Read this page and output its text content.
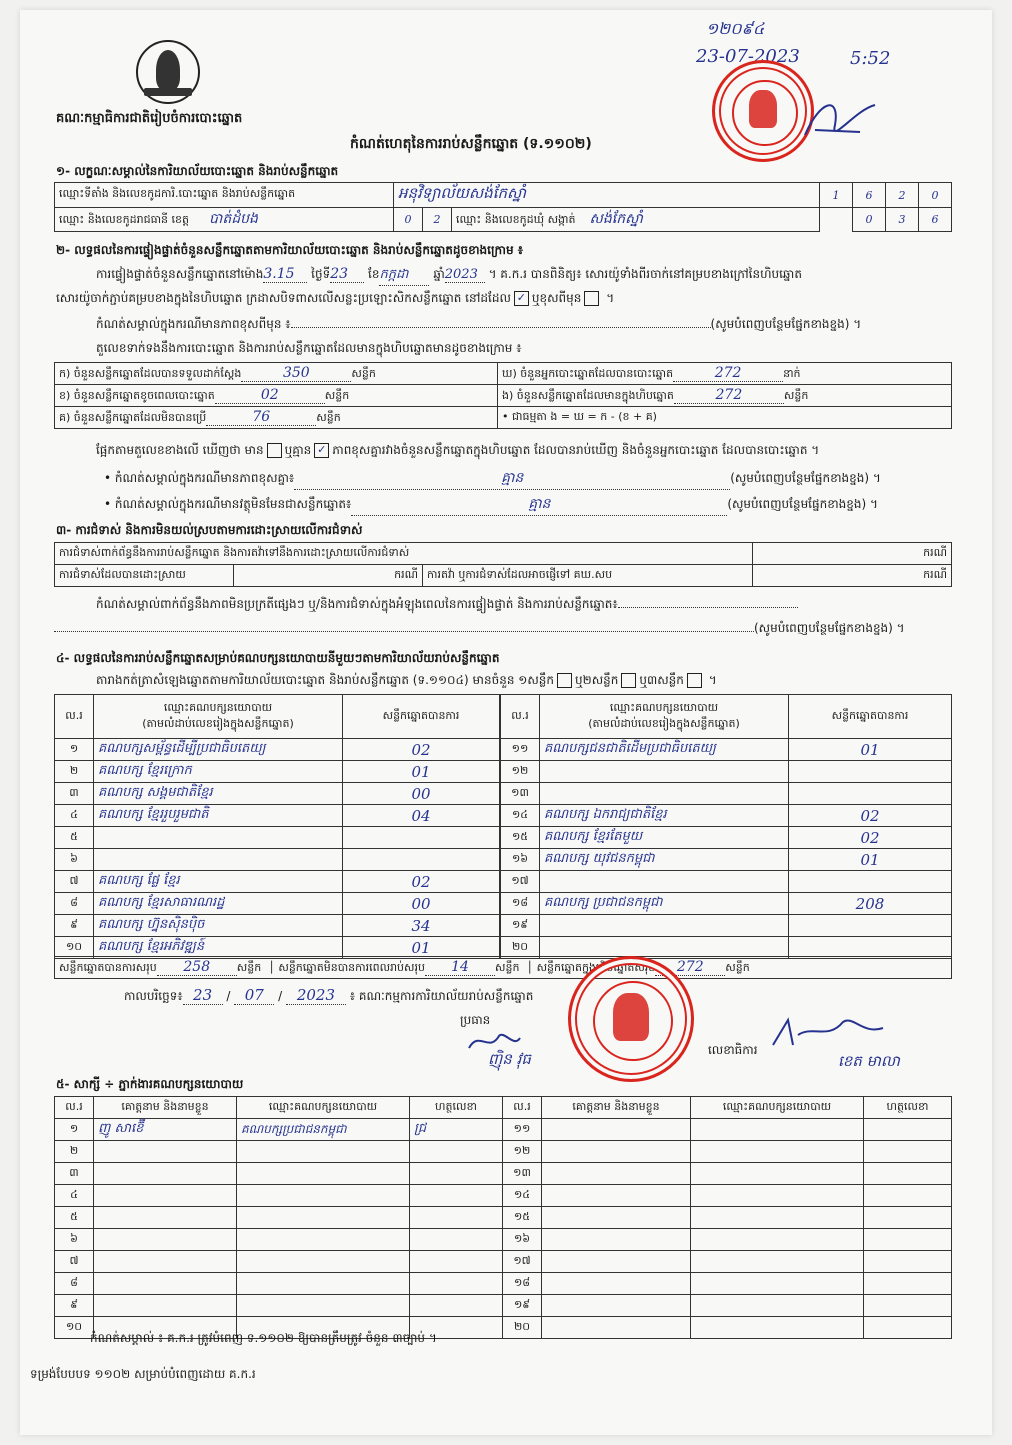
គណៈកម្មាធិការជាតិរៀបចំការបោះឆ្នោត
១២០៩៤
23-07-2023	5:52
កំណត់ហេតុនៃការរាប់សន្លឹកឆ្នោត (ទ.១១០២)
១- លក្ខណៈសម្គាល់នៃការិយាល័យបោះឆ្នោត និងរាប់សន្លឹកឆ្នោត
ឈ្មោះទីតាំង និងលេខកូដការិ.បោះឆ្នោត និងរាប់សន្លឹកឆ្នោត	អនុវិទ្យាល័យសង់កែស្នាំ			1	6	2	0
ឈ្មោះ និងលេខកូដរាជធានី ខេត្ត បាត់ដំបង	0	2	ឈ្មោះ និងលេខកូដឃុំ សង្កាត់ សង់កែស្នាំ		0	3	6
២- លទ្ធផលនៃការផ្ទៀងផ្ទាត់ចំនួនសន្លឹកឆ្នោតតាមការិយាល័យបោះឆ្នោត និងរាប់សន្លឹកឆ្នោតដូចខាងក្រោម ៖
ការផ្ទៀងផ្ទាត់ចំនួនសន្លឹកឆ្នោតនៅម៉ោង3.15 ថ្ងៃទី23 ខែកក្កដា ឆ្នាំ2023 ។ គ.ក.រ បានពិនិត្យ៖ សោរយ៉ូទាំងពីរចាក់នៅគម្របខាងក្រៅនៃហិបឆ្នោត
សោរយ៉ូចាក់ភ្ជាប់គម្របខាងក្នុងនៃហិបឆ្នោត ក្រដាសបិទពាសលើសន្លះប្រឡោះសិកសន្លឹកឆ្នោត នៅដដែល ✓ ឬខុសពីមុន ។
កំណត់សម្គាល់ក្នុងករណីមានភាពខុសពីមុន ៖	(សូមបំពេញបន្ថែមផ្នែកខាងខ្នង) ។
តួលេខទាក់ទងនឹងការបោះឆ្នោត និងការរាប់សន្លឹកឆ្នោតដែលមានក្នុងហិបឆ្នោតមានដូចខាងក្រោម ៖
ក) ចំនួនសន្លឹកឆ្នោតដែលបានទទួលដាក់ស្ដែង 350 សន្លឹក	ឃ) ចំនួនអ្នកបោះឆ្នោតដែលបានបោះឆ្នោត 272 នាក់
ខ) ចំនួនសន្លឹកឆ្នោតខូចពេលបោះឆ្នោត 02 សន្លឹក	ង) ចំនួនសន្លឹកឆ្នោតដែលមានក្នុងហិបឆ្នោត 272 សន្លឹក
គ) ចំនួនសន្លឹកឆ្នោតដែលមិនបានប្រើ 76 សន្លឹក	• ជាធម្មតា ង = ឃ = ក - (ខ + គ)
ផ្អែកតាមតួលេខខាងលើ ឃើញថា មាន ឬគ្មាន ✓ ភាពខុសគ្នារវាងចំនួនសន្លឹកឆ្នោតក្នុងហិបឆ្នោត ដែលបានរាប់ឃើញ និងចំនួនអ្នកបោះឆ្នោត ដែលបានបោះឆ្នោត ។
• កំណត់សម្គាល់ក្នុងករណីមានភាពខុសគ្នា៖	គ្មាន	(សូមបំពេញបន្ថែមផ្នែកខាងខ្នង) ។
• កំណត់សម្គាល់ក្នុងករណីមានវត្ថុមិនមែនជាសន្លឹកឆ្នោត៖	គ្មាន	(សូមបំពេញបន្ថែមផ្នែកខាងខ្នង) ។
៣- ការជំទាស់ និងការមិនយល់ស្របតាមការដោះស្រាយលើការជំទាស់
ការជំទាស់ពាក់ព័ន្ធនឹងការរាប់សន្លឹកឆ្នោត និងការតវ៉ាទៅនឹងការដោះស្រាយលើការជំទាស់			ករណី
ការជំទាស់ដែលបានដោះស្រាយ	ករណី	ការតវ៉ា ឬការជំទាស់ដែលអាចផ្ញើទៅ គឃ.សប	ករណី
កំណត់សម្គាល់ពាក់ព័ន្ធនឹងភាពមិនប្រក្រតីផ្សេងៗ ឬ/និងការជំទាស់ក្នុងអំឡុងពេលនៃការផ្ទៀងផ្ទាត់ និងការរាប់សន្លឹកឆ្នោត៖
(សូមបំពេញបន្ថែមផ្នែកខាងខ្នង) ។
៤- លទ្ធផលនៃការរាប់សន្លឹកឆ្នោតសម្រាប់គណបក្សនយោបាយនីមួយៗតាមការិយាល័យរាប់សន្លឹកឆ្នោត
តារាងកត់ត្រាសំឡេងឆ្នោតតាមការិយាល័យបោះឆ្នោត និងរាប់សន្លឹកឆ្នោត (ទ.១១០៤) មានចំនួន ១សន្លឹក ឬ២សន្លឹក ឬ៣សន្លឹក ។
ល.រ	ឈ្មោះគណបក្សនយោបាយ
(តាមលំដាប់លេខរៀងក្នុងសន្លឹកឆ្នោត)	សន្លឹកឆ្នោតបានការ
១	គណបក្សសម្ព័ន្ធដើម្បីប្រជាធិបតេយ្យ	02
២	គណបក្ស ខ្មែរក្រោក	01
៣	គណបក្ស សង្គមជាតិខ្មែរ	00
៤	គណបក្ស ខ្មែររួបរួមជាតិ	04
៥		
៦		
៧	គណបក្ស ផ្លែ ខ្មែរ	02
៨	គណបក្ស ខ្មែរសាធារណរដ្ឋ	00
៩	គណបក្ស ហ្វ៊ុនស៊ិនប៉ិច	34
១០	គណបក្ស ខ្មែរអភិវឌ្ឍន៍	01
ល.រ	ឈ្មោះគណបក្សនយោបាយ
(តាមលំដាប់លេខរៀងក្នុងសន្លឹកឆ្នោត)	សន្លឹកឆ្នោតបានការ
១១	គណបក្សជនជាតិដើមប្រជាធិបតេយ្យ	01
១២		
១៣		
១៤	គណបក្ស ឯករាជ្យជាតិខ្មែរ	02
១៥	គណបក្ស ខ្មែរតែមួយ	02
១៦	គណបក្ស យុវជនកម្ពុជា	01
១៧		
១៨	គណបក្ស ប្រជាជនកម្ពុជា	208
១៩		
២០		
សន្លឹកឆ្នោតបានការសរុប 258 សន្លឹក  │ សន្លឹកឆ្នោតមិនបានការពេលរាប់សរុប 14 សន្លឹក  │ សន្លឹកឆ្នោតក្នុងហិបឆ្នោតសរុប 272 សន្លឹក
កាលបរិច្ឆេទ៖ 23 / 07 / 2023 ៖ គណៈកម្មការការិយាល័យរាប់សន្លឹកឆ្នោត
ប្រធាន
ញ៉ិន វុធ	លេខាធិការ
ខេត មាលា
៥- សាក្សី ÷ ភ្នាក់ងារគណបក្សនយោបាយ
ល.រ	គោត្តនាម និងនាមខ្លួន	ឈ្មោះគណបក្សនយោបាយ	ហត្ថលេខា	ល.រ	គោត្តនាម និងនាមខ្លួន	ឈ្មោះគណបក្សនយោបាយ	ហត្ថលេខា
១	ញូ សាខ៊ើ	គណបក្សប្រជាជនកម្ពុជា	ជ្រ	១១			
២				១២			
៣				១៣			
៤				១៤			
៥				១៥			
៦				១៦			
៧				១៧			
៨				១៨			
៩				១៩			
១០				២០			
កំណត់សម្គាល់ ៖ គ.ក.រ ត្រូវបំពេញ ទ.១១០២ ឱ្យបានត្រឹមត្រូវ ចំនួន ៣ច្បាប់ ។
ទម្រង់បែបបទ ១១០២ សម្រាប់បំពេញដោយ គ.ក.រ
